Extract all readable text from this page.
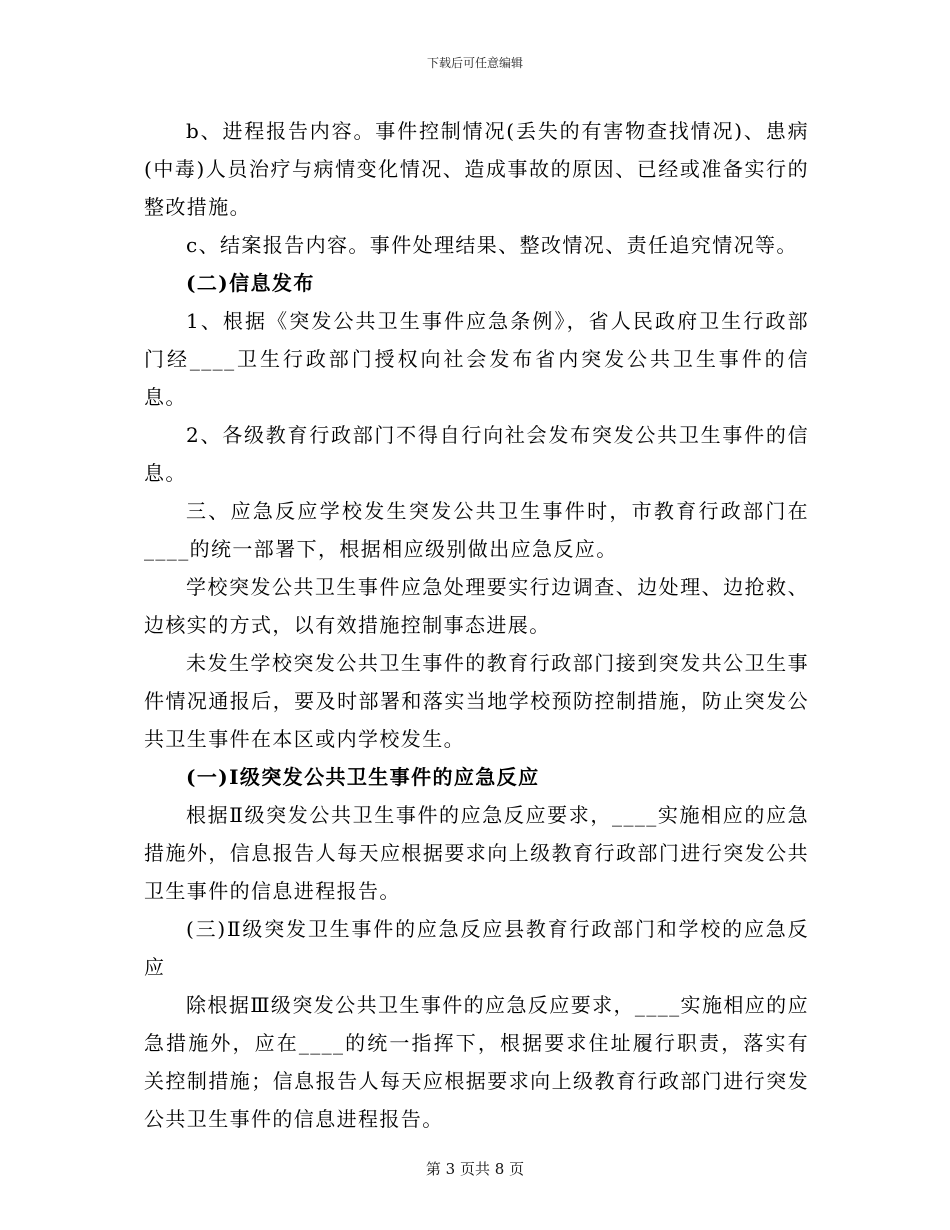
下载后可任意编辑

b、进程报告内容。事件控制情况(丢失的有害物查找情况)、患病(中毒)人员治疗与病情变化情况、造成事故的原因、已经或准备实行的整改措施。

c、结案报告内容。事件处理结果、整改情况、责任追究情况等。

(二)信息发布

1、根据《突发公共卫生事件应急条例》，省人民政府卫生行政部门经____卫生行政部门授权向社会发布省内突发公共卫生事件的信息。

2、各级教育行政部门不得自行向社会发布突发公共卫生事件的信息。

三、应急反应学校发生突发公共卫生事件时，市教育行政部门在____的统一部署下，根据相应级别做出应急反应。

学校突发公共卫生事件应急处理要实行边调查、边处理、边抢救、边核实的方式，以有效措施控制事态进展。

未发生学校突发公共卫生事件的教育行政部门接到突发共公卫生事件情况通报后，要及时部署和落实当地学校预防控制措施，防止突发公共卫生事件在本区或内学校发生。

(一)Ⅰ级突发公共卫生事件的应急反应

根据Ⅱ级突发公共卫生事件的应急反应要求，____实施相应的应急措施外，信息报告人每天应根据要求向上级教育行政部门进行突发公共卫生事件的信息进程报告。

(三)Ⅱ级突发卫生事件的应急反应县教育行政部门和学校的应急反应

除根据Ⅲ级突发公共卫生事件的应急反应要求，____实施相应的应急措施外，应在____的统一指挥下，根据要求住址履行职责，落实有关控制措施；信息报告人每天应根据要求向上级教育行政部门进行突发公共卫生事件的信息进程报告。

第 3 页共 8 页
